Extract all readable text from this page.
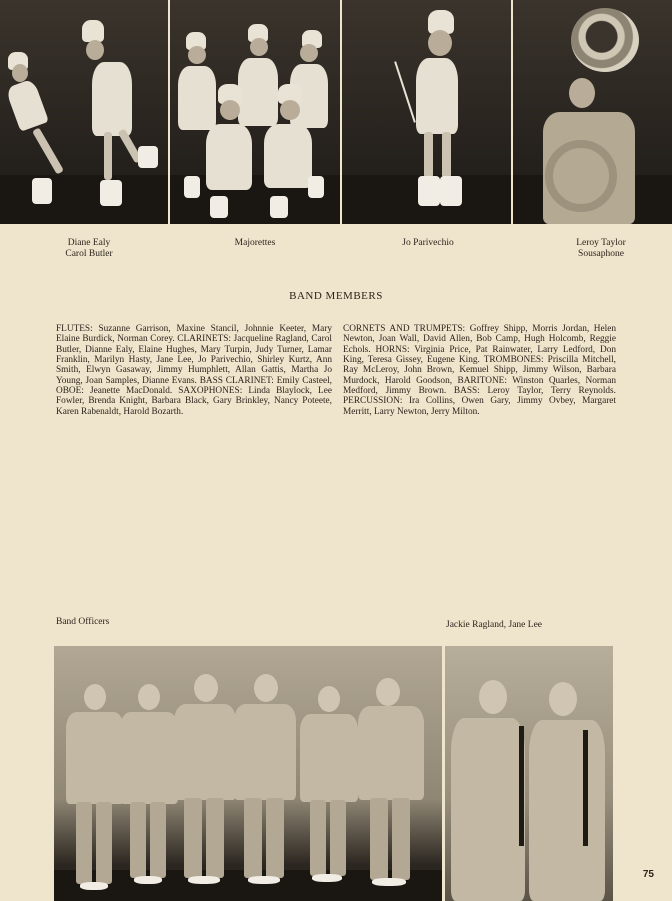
Diane Ealy
Carol Butler
Majorettes	Jo Parivechio	Leroy Taylor
Sousaphone
BAND MEMBERS
FLUTES: Suzanne Garrison, Maxine Stancil, Johnnie Keeter, Mary Elaine Burdick, Norman Corey. CLARINETS: Jacqueline Ragland, Carol Butler, Dianne Ealy, Elaine Hughes, Mary Turpin, Judy Turner, Lamar Franklin, Marilyn Hasty, Jane Lee, Jo Parivechio, Shirley Kurtz, Ann Smith, Elwyn Gasaway, Jimmy Humphlett, Allan Gattis, Martha Jo Young, Joan Samples, Dianne Evans. BASS CLARINET: Emily Casteel, OBOE: Jeanette MacDonald. SAXOPHONES: Linda Blaylock, Lee Fowler, Brenda Knight, Barbara Black, Gary Brinkley, Nancy Poteete, Karen Rabenaldt, Harold Bozarth.
CORNETS AND TRUMPETS: Goffrey Shipp, Morris Jordan, Helen Newton, Joan Wall, David Allen, Bob Camp, Hugh Holcomb, Reggie Echols. HORNS: Virginia Price, Pat Rainwater, Larry Ledford, Don King, Teresa Gissey, Eugene King. TROMBONES: Priscilla Mitchell, Ray McLeroy, John Brown, Kemuel Shipp, Jimmy Wilson, Barbara Murdock, Harold Goodson, BARITONE: Winston Quarles, Norman Medford, Jimmy Brown. BASS: Leroy Taylor, Terry Reynolds. PERCUSSION: Ira Collins, Owen Gary, Jimmy Ovbey, Margaret Merritt, Larry Newton, Jerry Milton.
Band Officers	Jackie Ragland, Jane Lee
75
